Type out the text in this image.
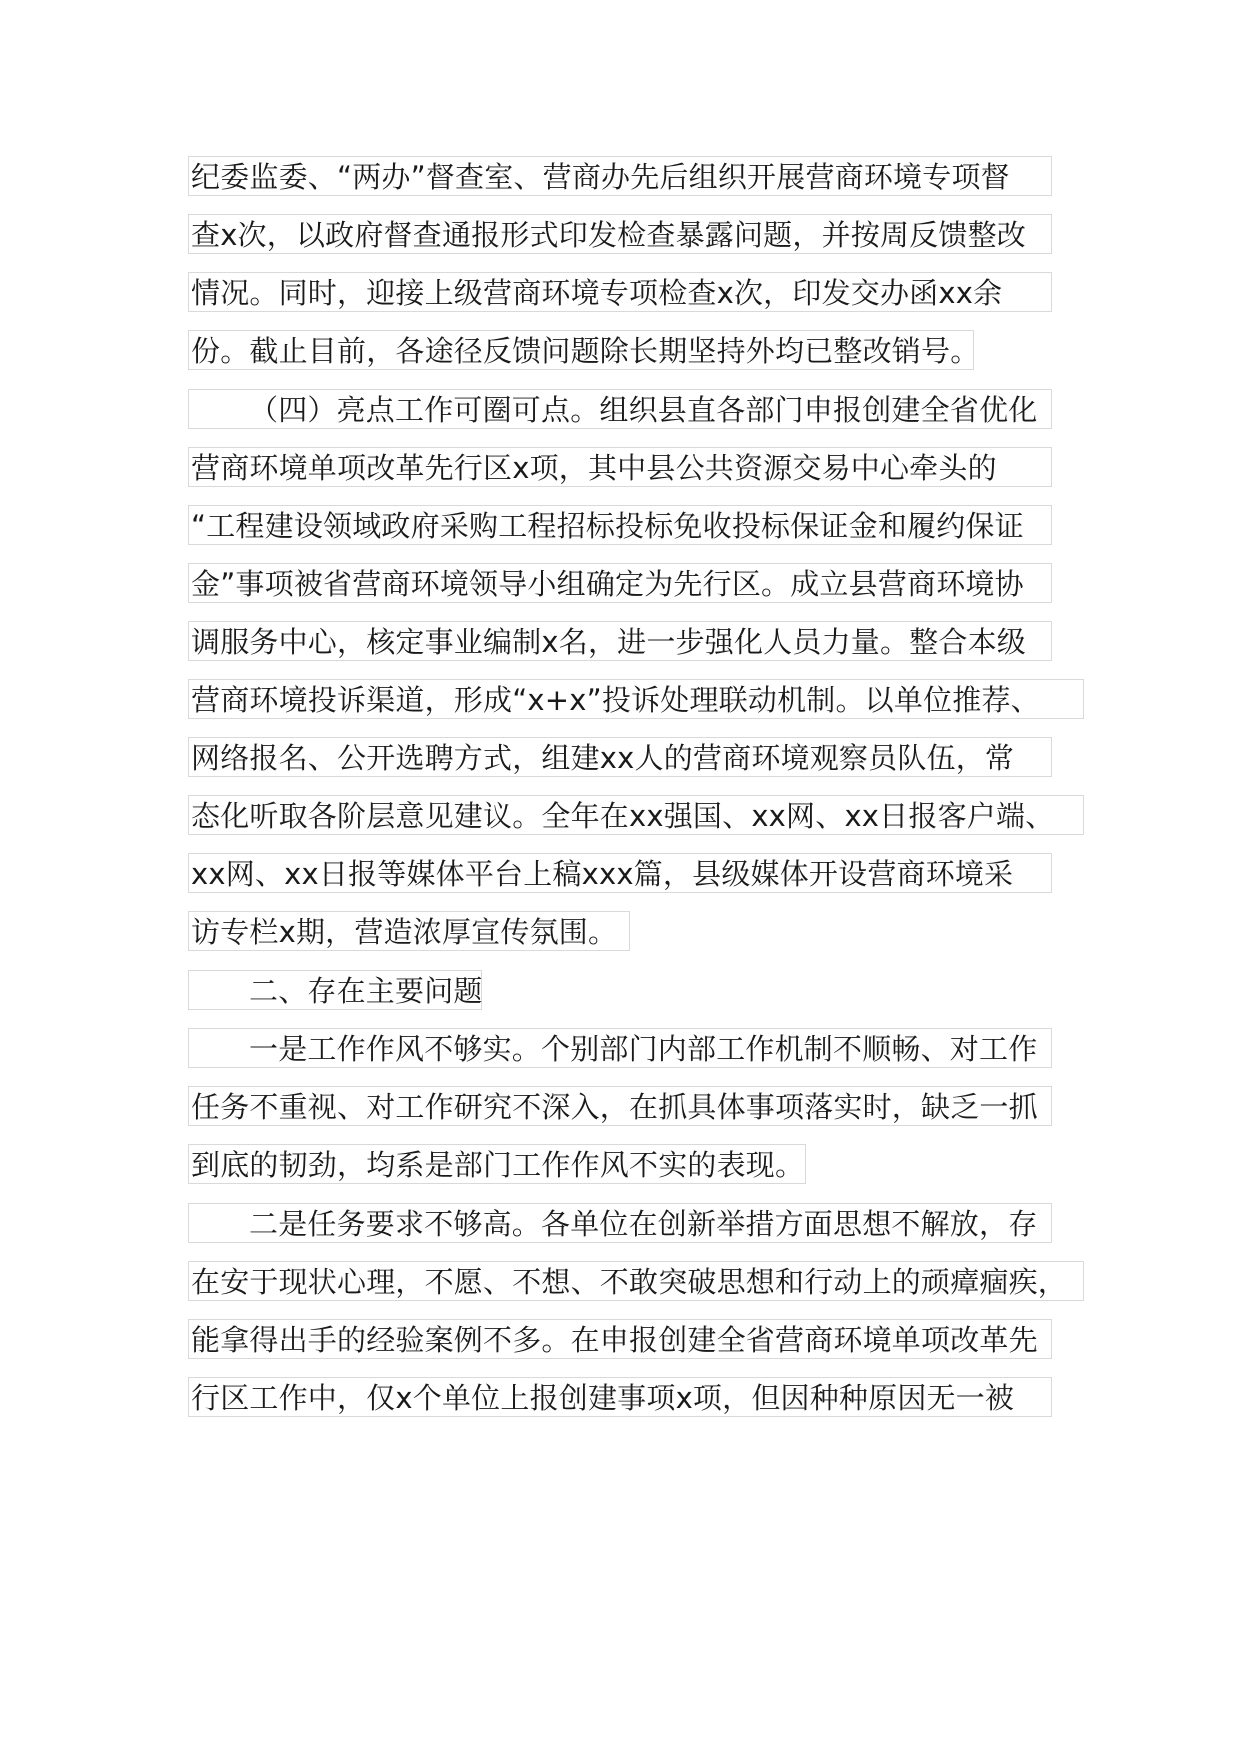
纪委监委、“两办”督查室、营商办先后组织开展营商环境专项督
查x次，以政府督查通报形式印发检查暴露问题，并按周反馈整改
情况。同时，迎接上级营商环境专项检查x次，印发交办函xx余
份。截止目前，各途径反馈问题除长期坚持外均已整改销号。
（四）亮点工作可圈可点。组织县直各部门申报创建全省优化
营商环境单项改革先行区x项，其中县公共资源交易中心牵头的
“工程建设领域政府采购工程招标投标免收投标保证金和履约保证
金”事项被省营商环境领导小组确定为先行区。成立县营商环境协
调服务中心，核定事业编制x名，进一步强化人员力量。整合本级
营商环境投诉渠道，形成“x+x”投诉处理联动机制。以单位推荐、
网络报名、公开选聘方式，组建xx人的营商环境观察员队伍，常
态化听取各阶层意见建议。全年在xx强国、xx网、xx日报客户端、
xx网、xx日报等媒体平台上稿xxx篇，县级媒体开设营商环境采
访专栏x期，营造浓厚宣传氛围。
二、存在主要问题
一是工作作风不够实。个别部门内部工作机制不顺畅、对工作
任务不重视、对工作研究不深入，在抓具体事项落实时，缺乏一抓
到底的韧劲，均系是部门工作作风不实的表现。
二是任务要求不够高。各单位在创新举措方面思想不解放，存
在安于现状心理，不愿、不想、不敢突破思想和行动上的顽瘴痼疾，
能拿得出手的经验案例不多。在申报创建全省营商环境单项改革先
行区工作中，仅x个单位上报创建事项x项，但因种种原因无一被
